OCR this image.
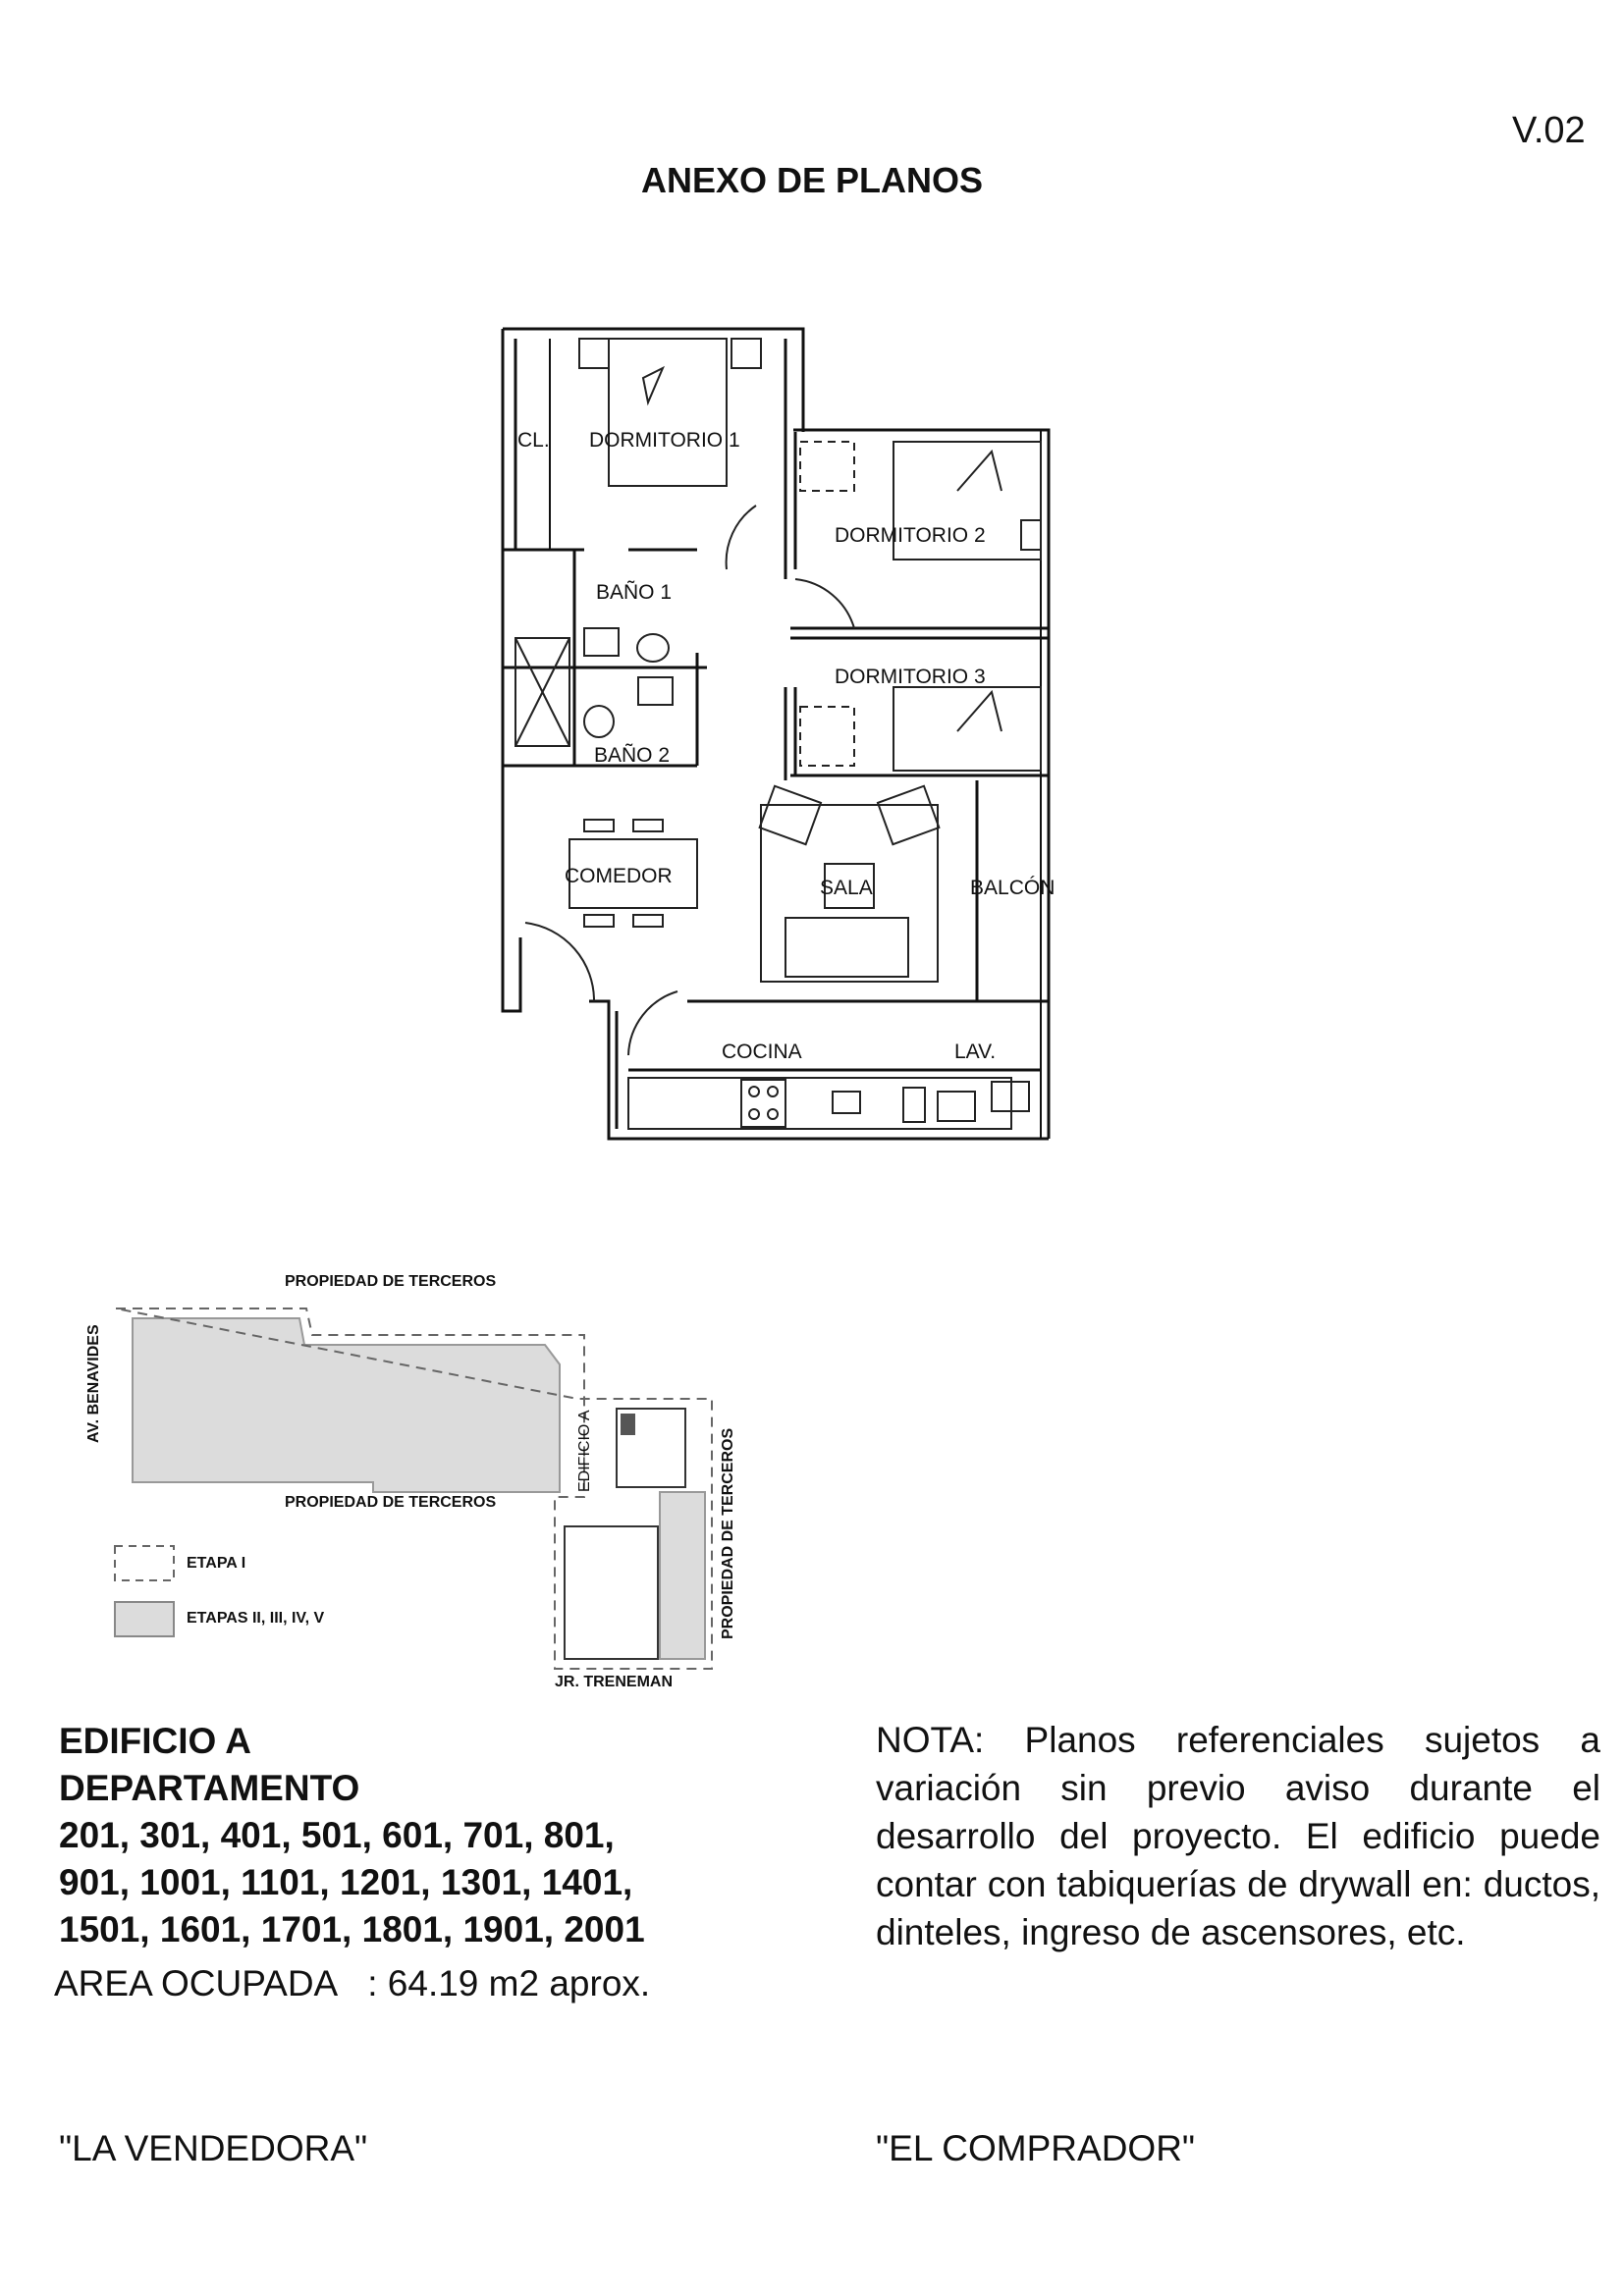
V.02
ANEXO DE PLANOS
CL. DORMITORIO 1
DORMITORIO 2
BAÑO 1
DORMITORIO 3
BAÑO 2
COMEDOR
SALA	BALCÓN
COCINA	LAV.
PROPIEDAD DE TERCEROS
PROPIEDAD DE TERCEROS
AV. BENAVIDES
EDIFICIO A	PROPIEDAD DE TERCEROS
JR. TRENEMAN
ETAPA I
ETAPAS II, III, IV, V
EDIFICIO A
DEPARTAMENTO
201, 301, 401, 501, 601, 701, 801,
901, 1001, 1101, 1201, 1301, 1401,
1501, 1601, 1701, 1801, 1901, 2001
AREA OCUPADA : 64.19 m2 aprox.
NOTA: Planos referenciales sujetos a variación sin previo aviso durante el desarrollo del proyecto. El edificio puede contar con tabiquerías de drywall en: ductos, dinteles, ingreso de ascensores, etc.
"LA VENDEDORA"	"EL COMPRADOR"
